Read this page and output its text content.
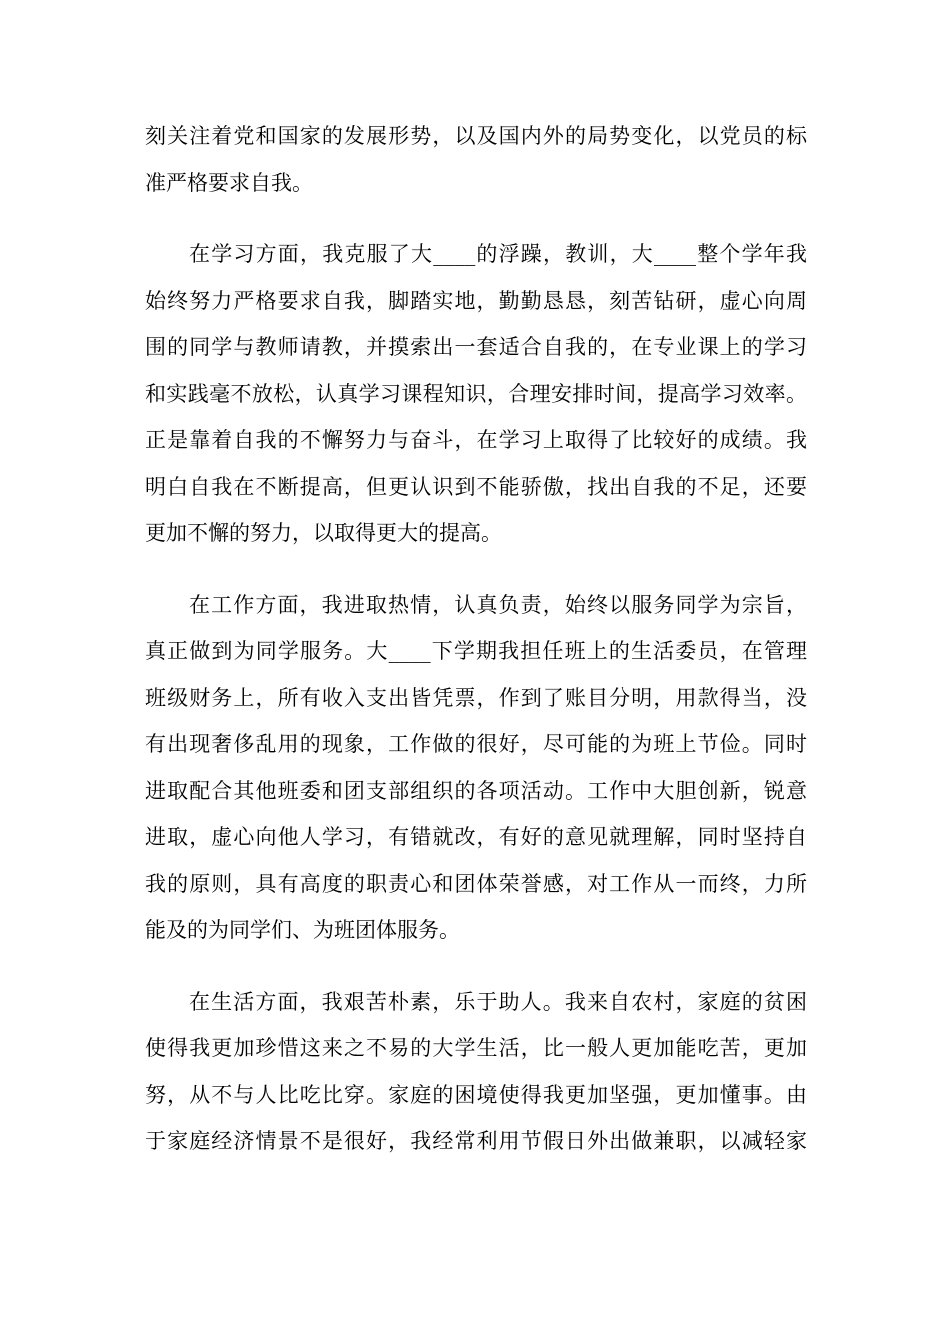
刻关注着党和国家的发展形势，以及国内外的局势变化，以党员的标
准严格要求自我。

在学习方面，我克服了大____的浮躁，教训，大____整个学年我
始终努力严格要求自我，脚踏实地，勤勤恳恳，刻苦钻研，虚心向周
围的同学与教师请教，并摸索出一套适合自我的，在专业课上的学习
和实践毫不放松，认真学习课程知识，合理安排时间，提高学习效率。
正是靠着自我的不懈努力与奋斗，在学习上取得了比较好的成绩。我
明白自我在不断提高，但更认识到不能骄傲，找出自我的不足，还要
更加不懈的努力，以取得更大的提高。

在工作方面，我进取热情，认真负责，始终以服务同学为宗旨，
真正做到为同学服务。大____下学期我担任班上的生活委员，在管理
班级财务上，所有收入支出皆凭票，作到了账目分明，用款得当，没
有出现奢侈乱用的现象，工作做的很好，尽可能的为班上节俭。同时
进取配合其他班委和团支部组织的各项活动。工作中大胆创新，锐意
进取，虚心向他人学习，有错就改，有好的意见就理解，同时坚持自
我的原则，具有高度的职责心和团体荣誉感，对工作从一而终，力所
能及的为同学们、为班团体服务。

在生活方面，我艰苦朴素，乐于助人。我来自农村，家庭的贫困
使得我更加珍惜这来之不易的大学生活，比一般人更加能吃苦，更加
努，从不与人比吃比穿。家庭的困境使得我更加坚强，更加懂事。由
于家庭经济情景不是很好，我经常利用节假日外出做兼职，以减轻家
